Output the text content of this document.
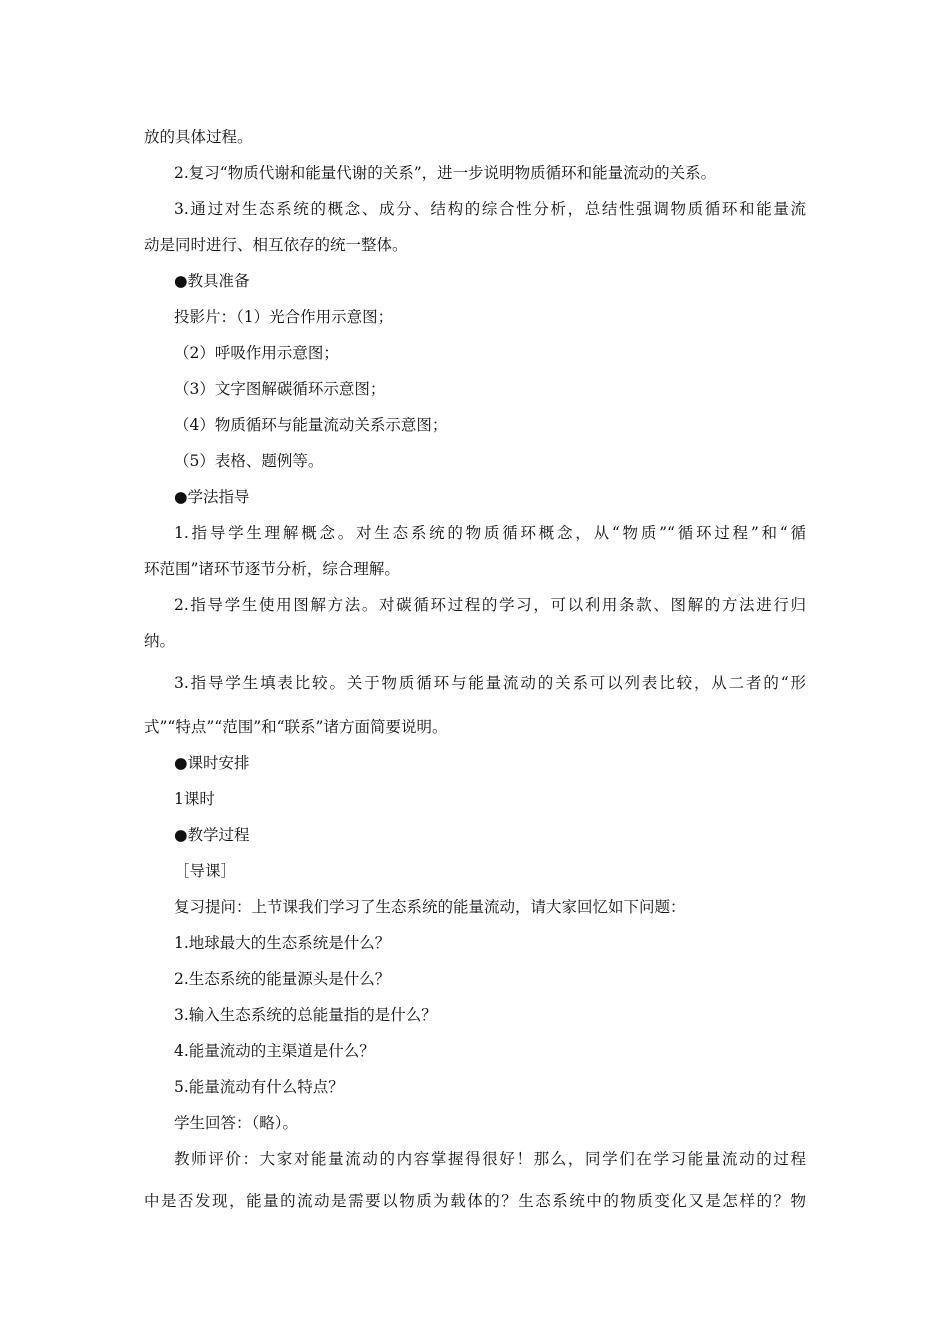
放的具体过程。
2.复习“物质代谢和能量代谢的关系”，进一步说明物质循环和能量流动的关系。
3.通过对生态系统的概念、成分、结构的综合性分析，总结性强调物质循环和能量流
动是同时进行、相互依存的统一整体。
●教具准备
投影片：（1）光合作用示意图；
（2）呼吸作用示意图；
（3）文字图解碳循环示意图；
（4）物质循环与能量流动关系示意图；
（5）表格、题例等。
●学法指导
1.指导学生理解概念。对生态系统的物质循环概念，从“物质”“循环过程”和“循
环范围”诸环节逐节分析，综合理解。
2.指导学生使用图解方法。对碳循环过程的学习，可以利用条款、图解的方法进行归
纳。
3.指导学生填表比较。关于物质循环与能量流动的关系可以列表比较，从二者的“形
式”“特点”“范围”和“联系”诸方面简要说明。
●课时安排
1课时
●教学过程
［导课］
复习提问：上节课我们学习了生态系统的能量流动，请大家回忆如下问题：
1.地球最大的生态系统是什么？
2.生态系统的能量源头是什么？
3.输入生态系统的总能量指的是什么？
4.能量流动的主渠道是什么？
5.能量流动有什么特点？
学生回答：（略）。
教师评价：大家对能量流动的内容掌握得很好！那么，同学们在学习能量流动的过程
中是否发现，能量的流动是需要以物质为载体的？生态系统中的物质变化又是怎样的？物
